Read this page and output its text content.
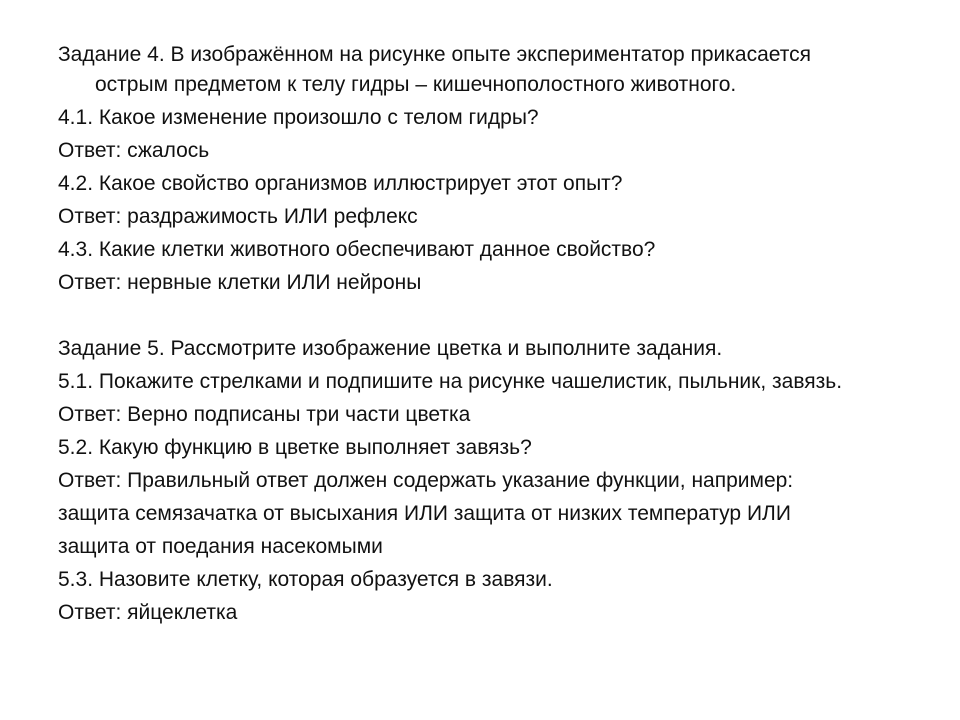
Задание 4. В изображённом на рисунке опыте экспериментатор прикасается острым предметом к телу гидры – кишечнополостного животного.

4.1. Какое изменение произошло с телом гидры?

Ответ: сжалось

4.2. Какое свойство организмов иллюстрирует этот опыт?

Ответ: раздражимость ИЛИ рефлекс

4.3. Какие клетки животного обеспечивают данное свойство?

Ответ: нервные клетки ИЛИ нейроны

Задание 5. Рассмотрите изображение цветка и выполните задания.

5.1. Покажите стрелками и подпишите на рисунке чашелистик, пыльник, завязь.

Ответ: Верно подписаны три части цветка

5.2. Какую функцию в цветке выполняет завязь?

Ответ: Правильный ответ должен содержать указание функции, например:

защита семязачатка от высыхания ИЛИ защита от низких температур ИЛИ

защита от поедания насекомыми

5.3. Назовите клетку, которая образуется в завязи.

Ответ: яйцеклетка
